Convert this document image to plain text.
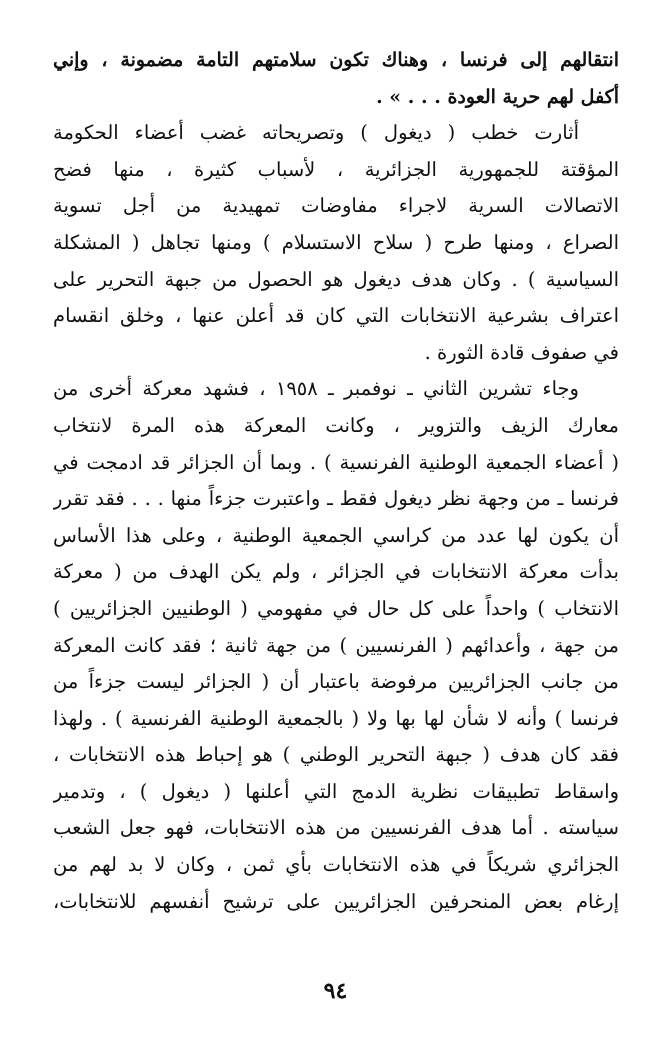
انتقالهم إلى فرنسا ، وهناك تكون سلامتهم التامة مضمونة ، وإني
أكفل لهم حرية العودة . . . » .
أثارت خطب ( ديغول ) وتصريحاته غضب أعضاء الحكومة
المؤقتة للجمهورية الجزائرية ، لأسباب كثيرة ، منها فضح
الاتصالات السرية لاجراء مفاوضات تمهيدية من أجل تسوية
الصراع ، ومنها طرح ( سلاح الاستسلام ) ومنها تجاهل ( المشكلة
السياسية ) . وكان هدف ديغول هو الحصول من جبهة التحرير على
اعتراف بشرعية الانتخابات التي كان قد أعلن عنها ، وخلق انقسام
في صفوف قادة الثورة .
وجاء تشرين الثاني ـ نوفمبر ـ ١٩٥٨ ، فشهد معركة أخرى من
معارك الزيف والتزوير ، وكانت المعركة هذه المرة لانتخاب
( أعضاء الجمعية الوطنية الفرنسية ) . وبما أن الجزائر قد ادمجت في
فرنسا ـ من وجهة نظر ديغول فقط ـ واعتبرت جزءاً منها . . . فقد تقرر
أن يكون لها عدد من كراسي الجمعية الوطنية ، وعلى هذا الأساس
بدأت معركة الانتخابات في الجزائر ، ولم يكن الهدف من ( معركة
الانتخاب ) واحداً على كل حال في مفهومي ( الوطنيين الجزائريين )
من جهة ، وأعدائهم ( الفرنسيين ) من جهة ثانية ؛ فقد كانت المعركة
من جانب الجزائريين مرفوضة باعتبار أن ( الجزائر ليست جزءاً من
فرنسا ) وأنه لا شأن لها بها ولا ( بالجمعية الوطنية الفرنسية ) . ولهذا
فقد كان هدف ( جبهة التحرير الوطني ) هو إحباط هذه الانتخابات ،
واسقاط تطبيقات نظرية الدمج التي أعلنها ( ديغول ) ، وتدمير
سياسته . أما هدف الفرنسيين من هذه الانتخابات، فهو جعل الشعب
الجزائري شريكاً في هذه الانتخابات بأي ثمن ، وكان لا بد لهم من
إرغام بعض المنحرفين الجزائريين على ترشيح أنفسهم للانتخابات،
٩٤
